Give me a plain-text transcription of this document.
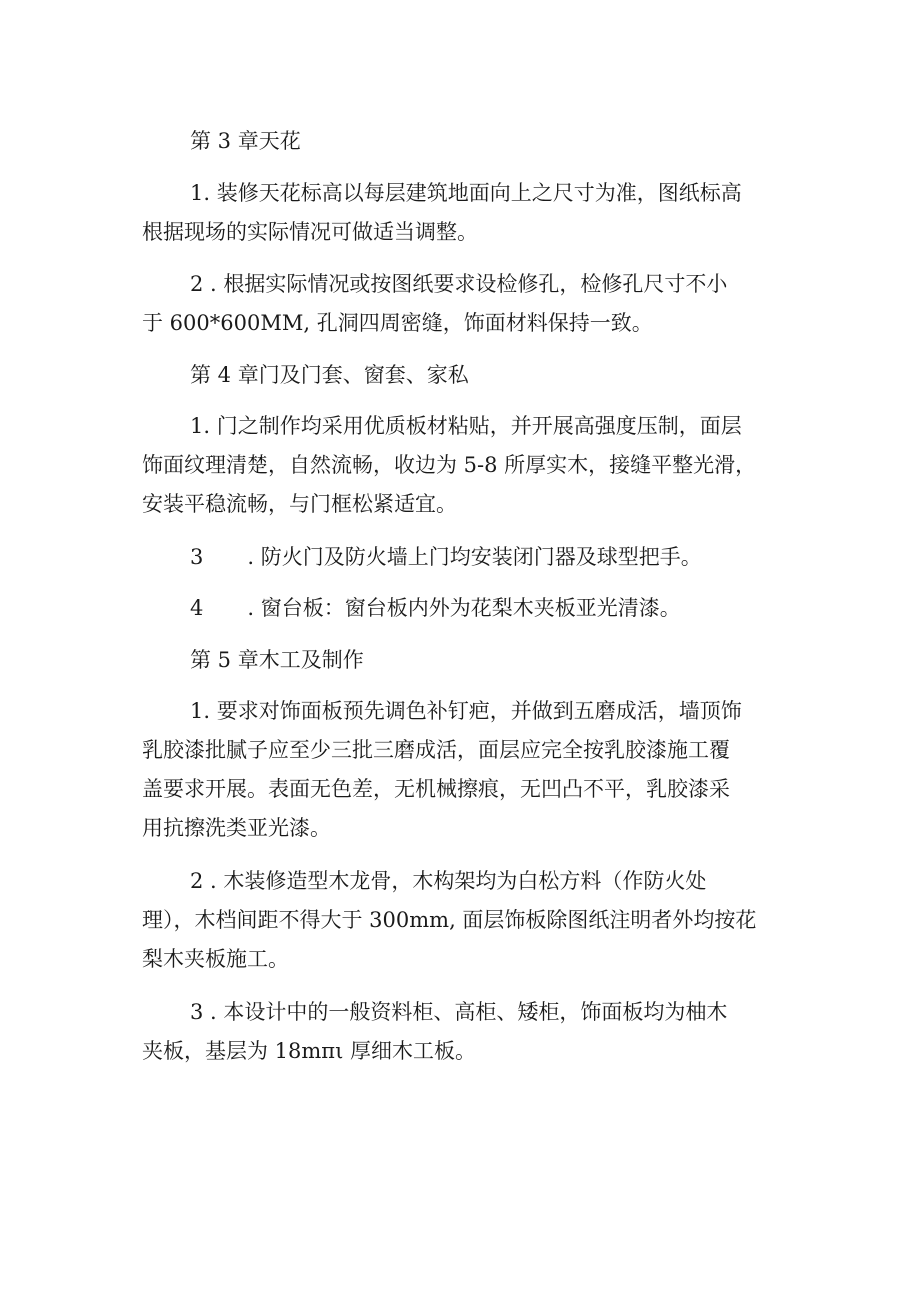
第 3 章天花

1. 装修天花标高以每层建筑地面向上之尺寸为准，图纸标高
根据现场的实际情况可做适当调整。

2 . 根据实际情况或按图纸要求设检修孔，检修孔尺寸不小
于 600*600MM, 孔洞四周密缝，饰面材料保持一致。

第 4 章门及门套、窗套、家私

1. 门之制作均采用优质板材粘贴，并开展高强度压制，面层
饰面纹理清楚，自然流畅，收边为 5-8 所厚实木，接缝平整光滑，
安装平稳流畅，与门框松紧适宜。

3 . 防火门及防火墙上门均安装闭门器及球型把手。

4 . 窗台板：窗台板内外为花梨木夹板亚光清漆。

第 5 章木工及制作

1. 要求对饰面板预先调色补钉疤，并做到五磨成活，墙顶饰
乳胶漆批腻子应至少三批三磨成活，面层应完全按乳胶漆施工覆
盖要求开展。表面无色差，无机械擦痕，无凹凸不平，乳胶漆采
用抗擦洗类亚光漆。

2 . 木装修造型木龙骨，木构架均为白松方料（作防火处
理），木档间距不得大于 300mm, 面层饰板除图纸注明者外均按花
梨木夹板施工。

3 . 本设计中的一般资料柜、高柜、矮柜，饰面板均为柚木
夹板，基层为 18mπι 厚细木工板。
